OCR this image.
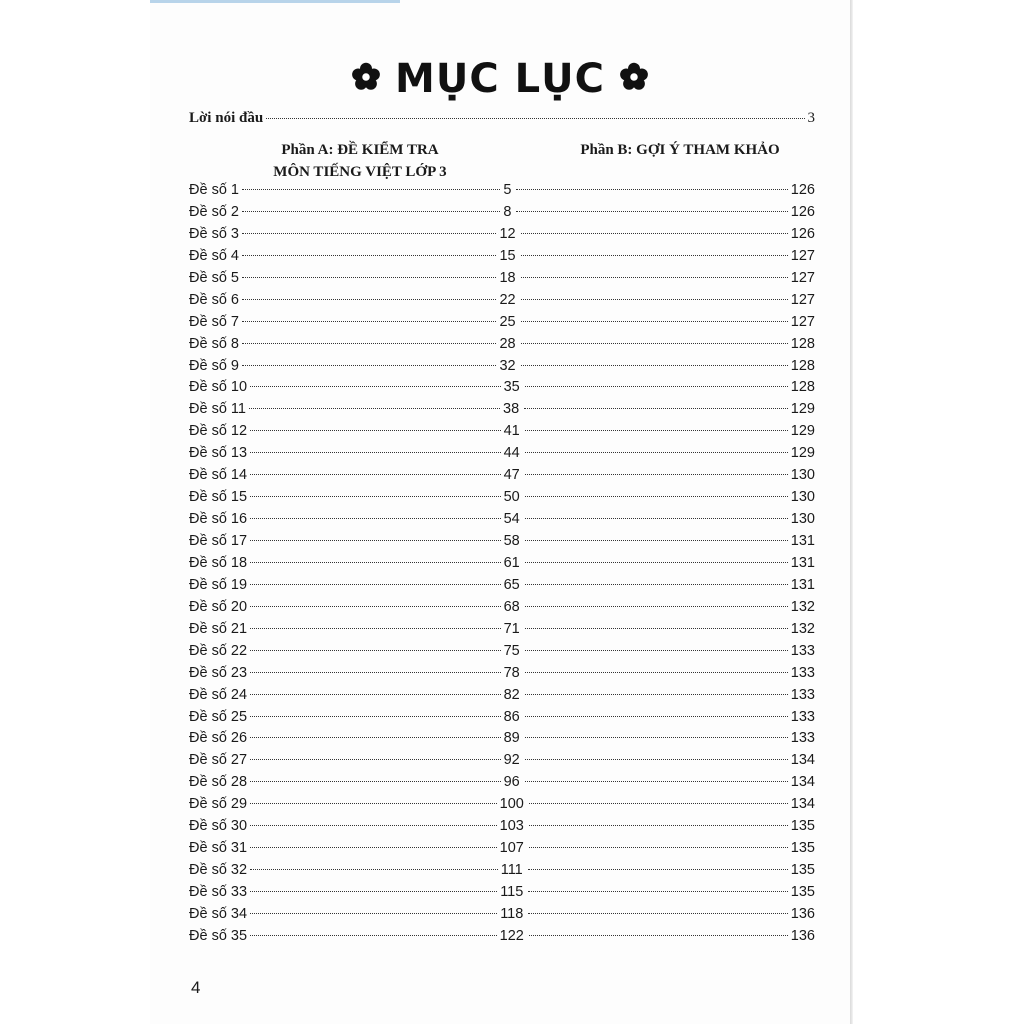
MỤC LỤC
Lời nói đầu	3
Phần A: ĐỀ KIỂM TRA
MÔN TIẾNG VIỆT LỚP 3
Phần B: GỢI Ý THAM KHẢO
Đề số 1	5	126
Đề số 2	8	126
Đề số 3	12	126
Đề số 4	15	127
Đề số 5	18	127
Đề số 6	22	127
Đề số 7	25	127
Đề số 8	28	128
Đề số 9	32	128
Đề số 10	35	128
Đề số 11	38	129
Đề số 12	41	129
Đề số 13	44	129
Đề số 14	47	130
Đề số 15	50	130
Đề số 16	54	130
Đề số 17	58	131
Đề số 18	61	131
Đề số 19	65	131
Đề số 20	68	132
Đề số 21	71	132
Đề số 22	75	133
Đề số 23	78	133
Đề số 24	82	133
Đề số 25	86	133
Đề số 26	89	133
Đề số 27	92	134
Đề số 28	96	134
Đề số 29	100	134
Đề số 30	103	135
Đề số 31	107	135
Đề số 32	111	135
Đề số 33	115	135
Đề số 34	118	136
Đề số 35	122	136
4
